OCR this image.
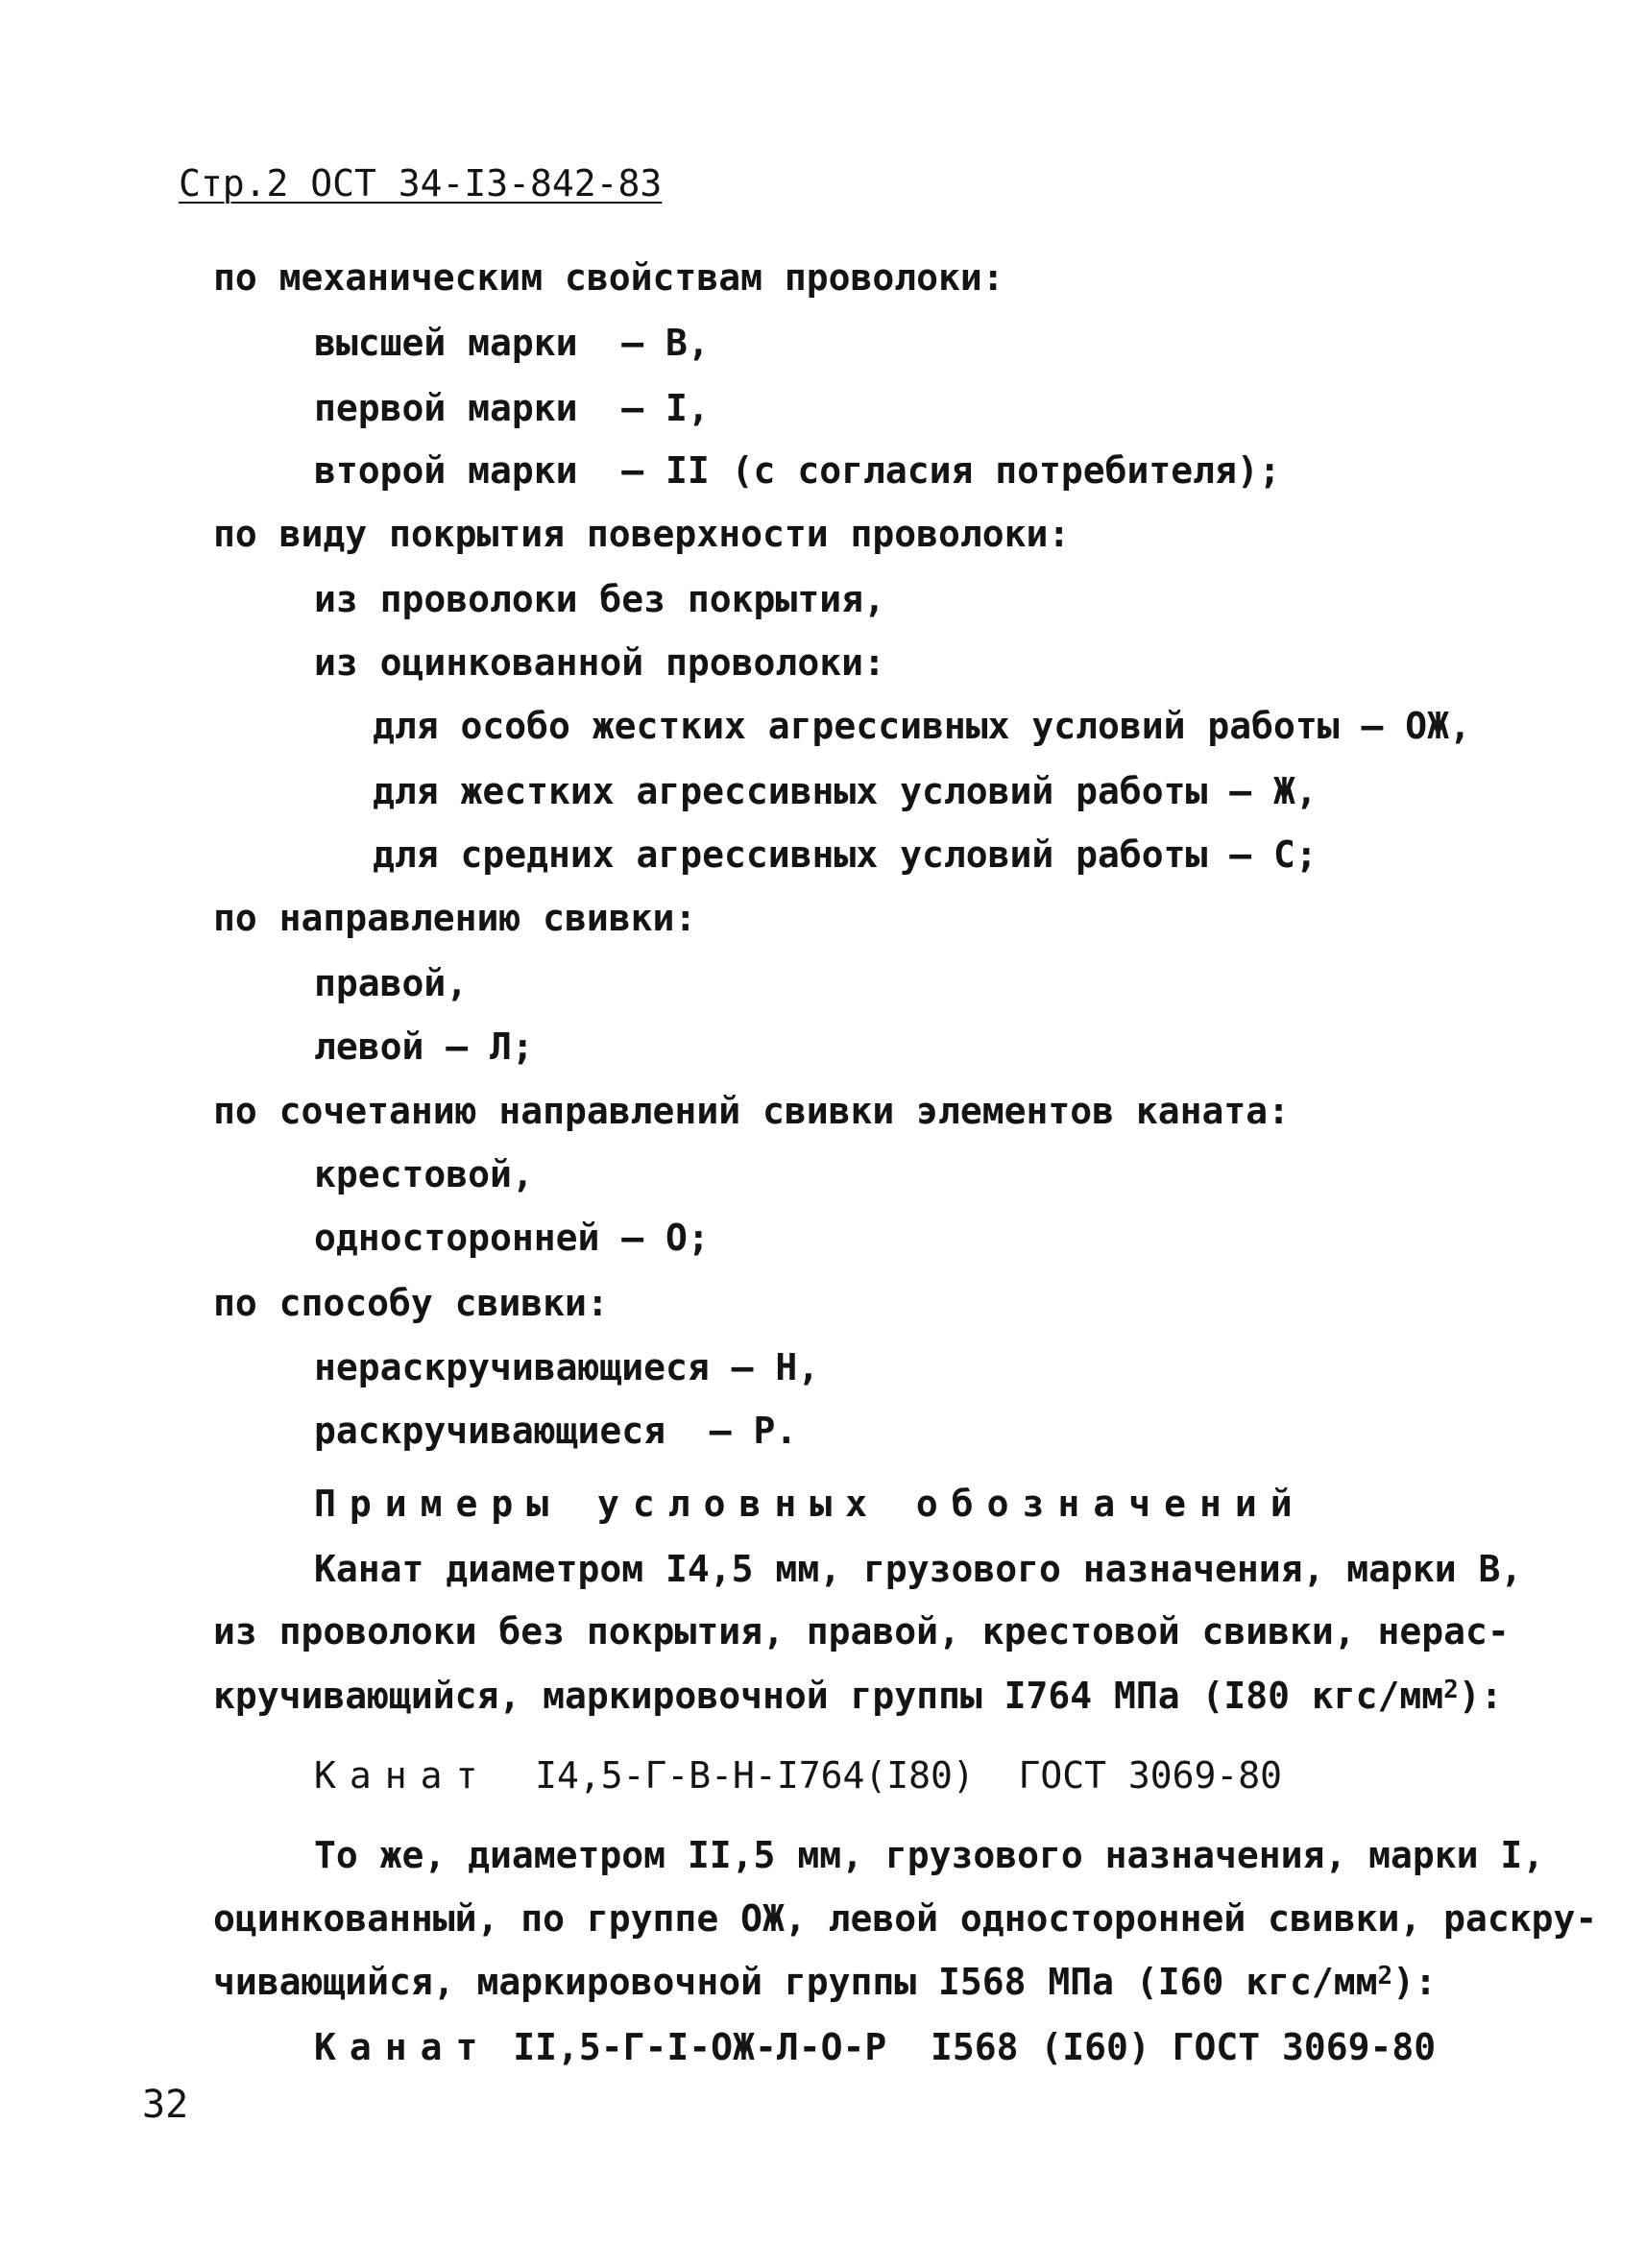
Стр.2 ОСТ 34-I3-842-83
по механическим свойствам проволоки:
высшей марки  – В,
первой марки  – I,
второй марки  – II (с согласия потребителя);
по виду покрытия поверхности проволоки:
из проволоки без покрытия,
из оцинкованной проволоки:
для особо жестких агрессивных условий работы – ОЖ,
для жестких агрессивных условий работы – Ж,
для средних агрессивных условий работы – С;
по направлению свивки:
правой,
левой – Л;
по сочетанию направлений свивки элементов каната:
крестовой,
односторонней – О;
по способу свивки:
нераскручивающиеся – Н,
раскручивающиеся  – Р.
Примеры условных обозначений
Канат диаметром I4,5 мм, грузового назначения, марки В,
из проволоки без покрытия, правой, крестовой свивки, нерас-
кручивающийся, маркировочной группы I764 МПа (I80 кгс/$мм^2$):
Канат I4,5-Г-В-Н-I764(I80)  ГОСТ 3069-80
То же, диаметром II,5 мм, грузового назначения, марки I,
оцинкованный, по группе ОЖ, левой односторонней свивки, раскру-
чивающийся, маркировочной группы I568 МПа (I60 кгс/$мм^2$):
Канат II,5-Г-I-ОЖ-Л-О-Р  I568 (I60) ГОСТ 3069-80
32
